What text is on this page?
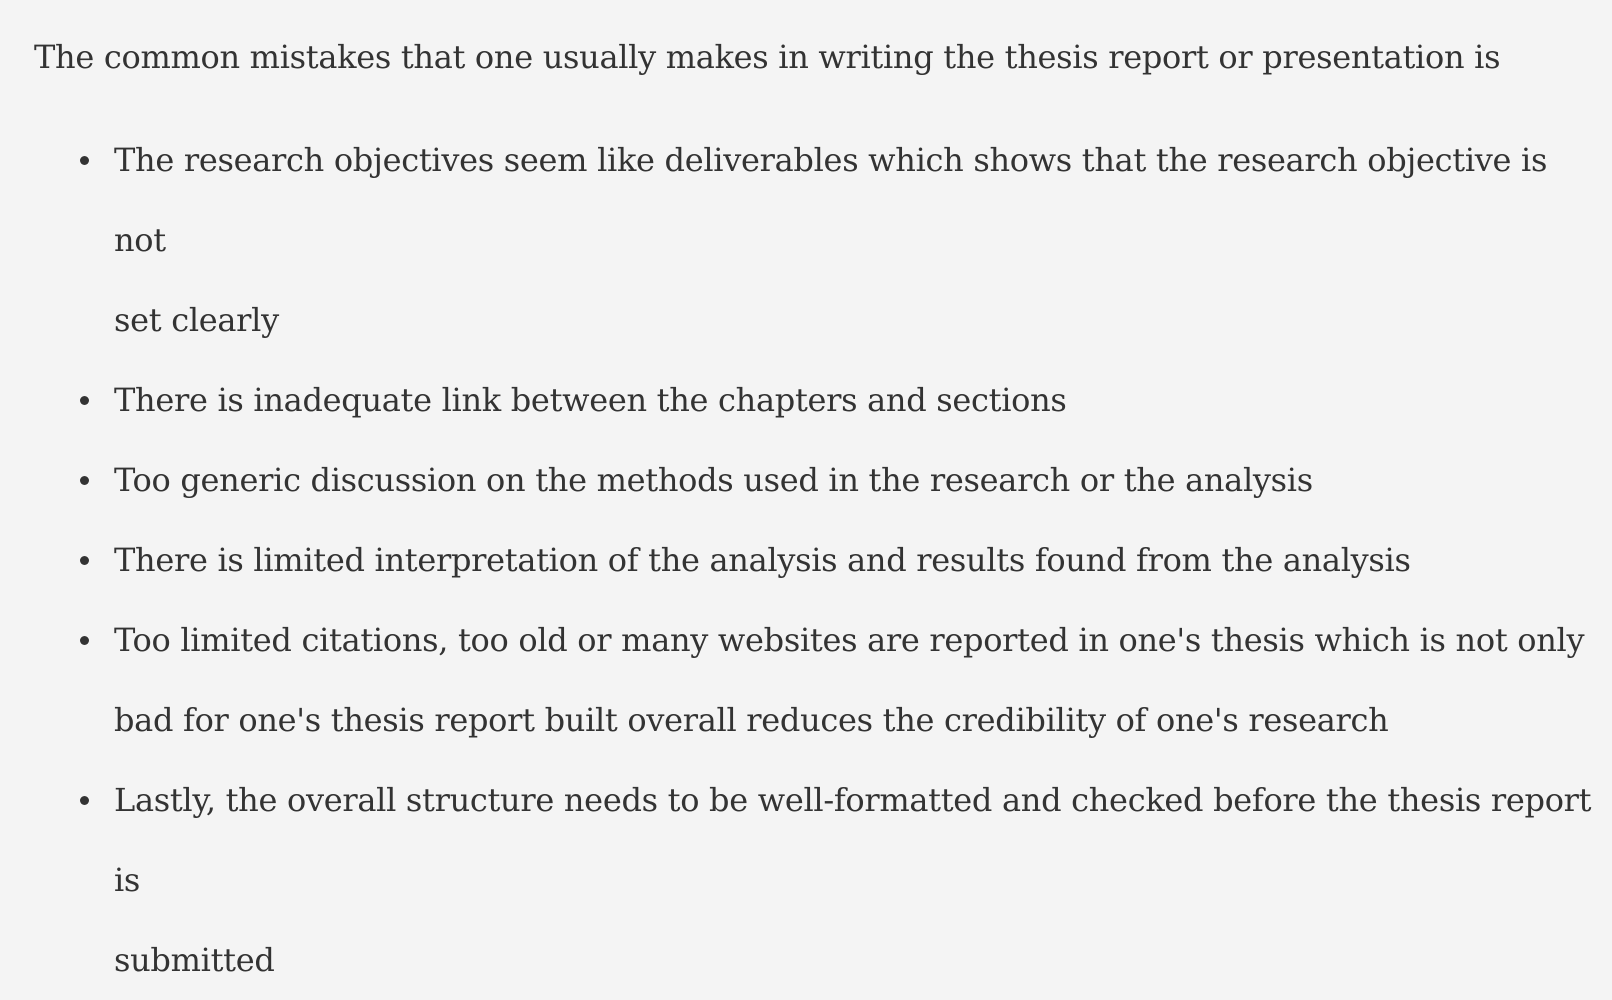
The common mistakes that one usually makes in writing the thesis report or presentation is

The research objectives seem like deliverables which shows that the research objective is not
set clearly
There is inadequate link between the chapters and sections
Too generic discussion on the methods used in the research or the analysis
There is limited interpretation of the analysis and results found from the analysis
Too limited citations, too old or many websites are reported in one's thesis which is not only
bad for one's thesis report built overall reduces the credibility of one's research
Lastly, the overall structure needs to be well-formatted and checked before the thesis report is
submitted
